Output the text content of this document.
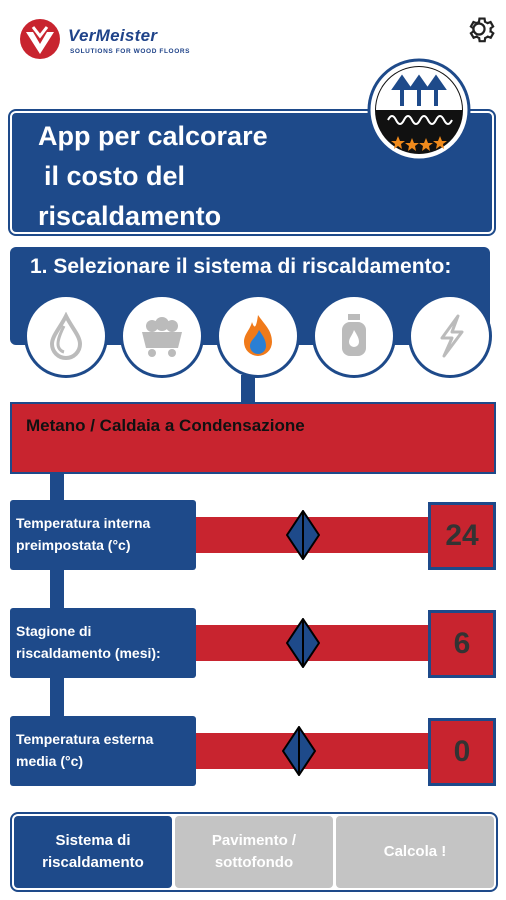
VerMeister
SOLUTIONS FOR WOOD FLOORS
App per calcorare
il costo del
riscaldamento
1. Selezionare il sistema di riscaldamento:
Metano / Caldaia a Condensazione
Temperatura interna
preimpostata (°c)	24
Stagione di
riscaldamento (mesi):	6
Temperatura esterna
media (°c)	0
Sistema di
riscaldamento
Pavimento /
sottofondo
Calcola !
